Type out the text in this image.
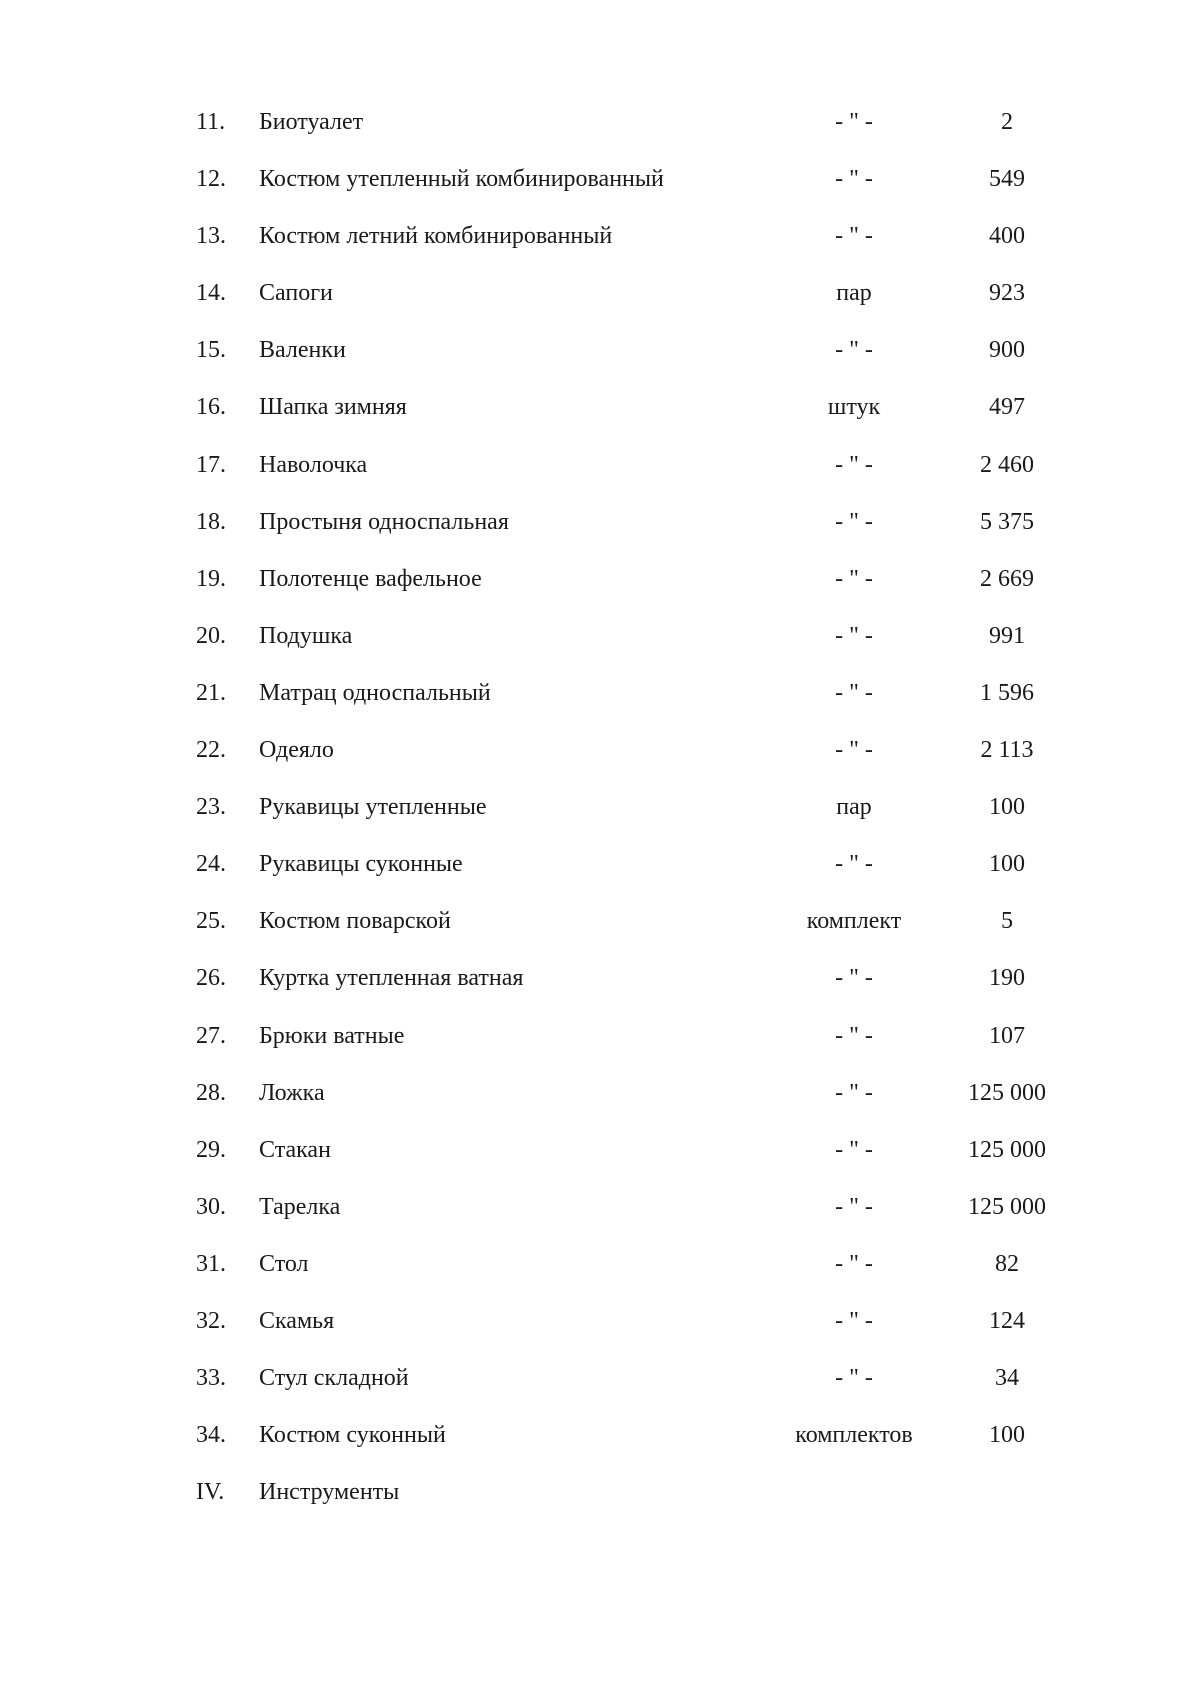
11. Биотуалет	- " -	2
12. Костюм утепленный комбинированный	- " -	549
13. Костюм летний комбинированный	- " -	400
14. Сапоги	пар	923
15. Валенки	- " -	900
16. Шапка зимняя	штук	497
17. Наволочка	- " -	2 460
18. Простыня односпальная	- " -	5 375
19. Полотенце вафельное	- " -	2 669
20. Подушка	- " -	991
21. Матрац односпальный	- " -	1 596
22. Одеяло	- " -	2 113
23. Рукавицы утепленные	пар	100
24. Рукавицы суконные	- " -	100
25. Костюм поварской	комплект	5
26. Куртка утепленная ватная	- " -	190
27. Брюки ватные	- " -	107
28. Ложка	- " -	125 000
29. Стакан	- " -	125 000
30. Тарелка	- " -	125 000
31. Стол	- " -	82
32. Скамья	- " -	124
33. Стул складной	- " -	34
34. Костюм суконный	комплектов	100
IV. Инструменты
